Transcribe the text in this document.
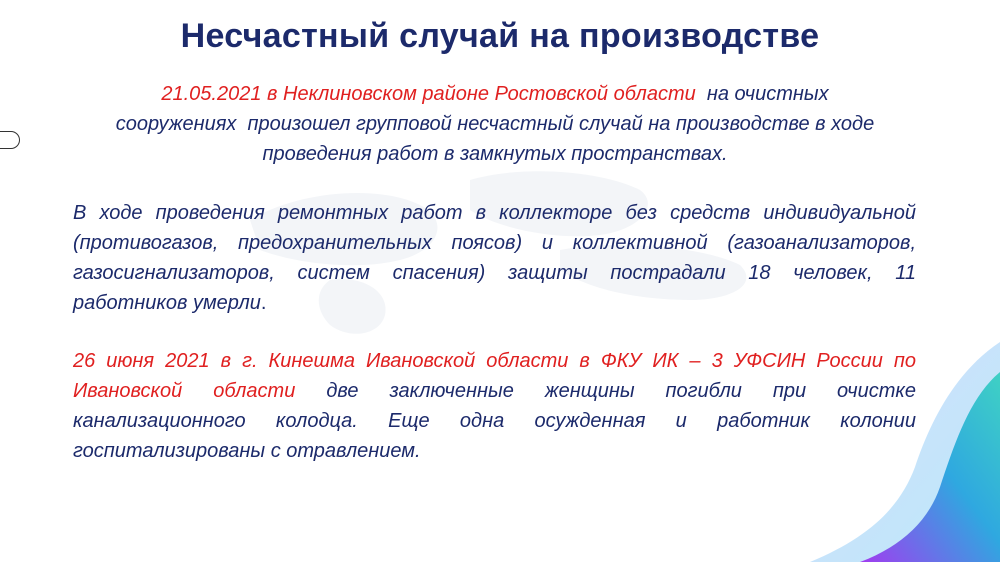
Несчастный случай на производстве

21.05.2021 в Неклиновском районе Ростовской области  на очистных сооружениях  произошел групповой несчастный случай на производстве в ходе проведения работ в замкнутых пространствах.

В ходе проведения ремонтных работ в коллекторе без средств индивидуальной (противогазов, предохранительных поясов) и коллективной (газоанализаторов, газосигнализаторов, систем спасения) защиты пострадали 18 человек, 11 работников умерли.

26 июня 2021 в г. Кинешма Ивановской области в ФКУ ИК – 3 УФСИН России по Ивановской области две заключенные женщины погибли при очистке канализационного колодца. Еще одна осужденная и работник колонии госпитализированы с отравлением.
